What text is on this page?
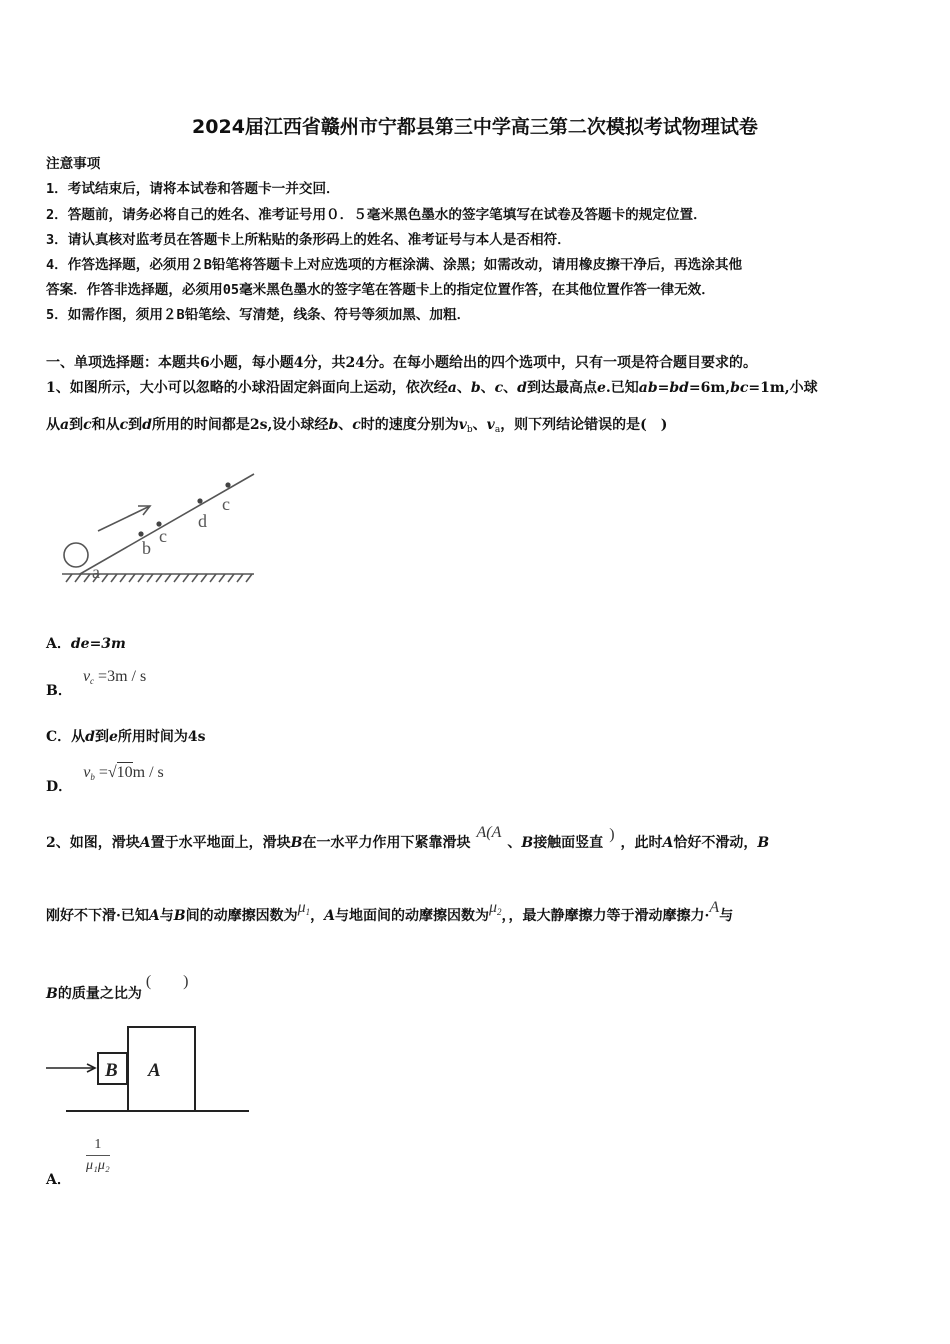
2024届江西省赣州市宁都县第三中学高三第二次模拟考试物理试卷
注意事项
1．考试结束后，请将本试卷和答题卡一并交回．
2．答题前，请务必将自己的姓名、准考证号用０．５毫米黑色墨水的签字笔填写在试卷及答题卡的规定位置．
3．请认真核对监考员在答题卡上所粘贴的条形码上的姓名、准考证号与本人是否相符．
4．作答选择题，必须用２B铅笔将答题卡上对应选项的方框涂满、涂黑；如需改动，请用橡皮擦干净后，再选涂其他
答案．作答非选择题，必须用05毫米黑色墨水的签字笔在答题卡上的指定位置作答，在其他位置作答一律无效．
5．如需作图，须用２B铅笔绘、写清楚，线条、符号等须加黑、加粗．
一、单项选择题：本题共6小题，每小题4分，共24分。在每小题给出的四个选项中，只有一项是符合题目要求的。
1、如图所示，大小可以忽略的小球沿固定斜面向上运动，依次经a、b、c、d到达最高点e.已知ab=bd=6m,bc=1m,小球
从a到c和从c到d所用的时间都是2s,设小球经b、c时的速度分别为$v_b$、$v_a$，则下列结论错误的是(　)
a
b
c
d
c
A．de=3m
B． $v_c =3m / s$
C．从d到e所用时间为4s
D． $v_b =√10m / s$
2、如图，滑块A置于水平地面上，滑块B在一水平力作用下紧靠滑块A(A、B接触面竖直 ) ，此时A恰好不滑动，B
刚好不下滑·已知A与B间的动摩擦因数为$\mu_1$，A与地面间的动摩擦因数为$\mu_2$，，最大静摩擦力等于滑动摩擦力·A与
B的质量之比为(　　)
B A
A．
$\frac{1}{\text{μ₁μ₂}}$
